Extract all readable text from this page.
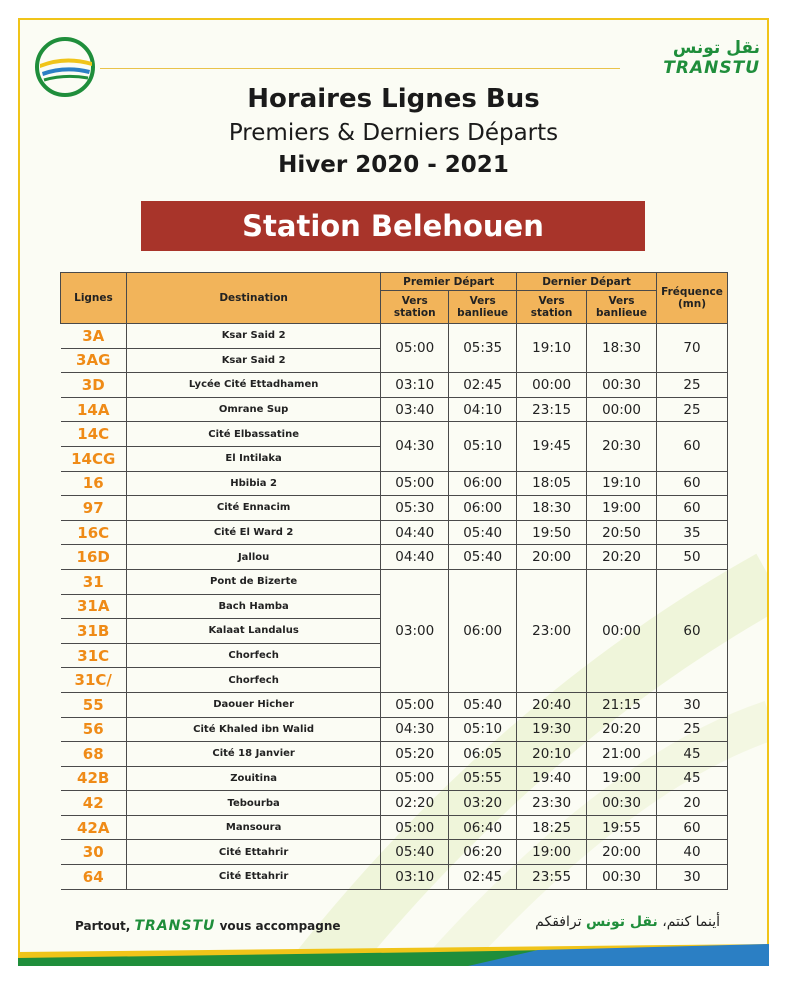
نقل تونس
TRANSTU
Horaires Lignes Bus
Premiers & Derniers Départs
Hiver 2020 - 2021
Station Belehouen
Lignes	Destination	Premier Départ		Dernier Départ		Fréquence (mn)
		Vers station	Vers banlieue	Vers station	Vers banlieue	
3A	Ksar Said 2	05:00	05:35	19:10	18:30	70
3AG	Ksar Said 2					
3D	Lycée Cité Ettadhamen	03:10	02:45	00:00	00:30	25
14A	Omrane Sup	03:40	04:10	23:15	00:00	25
14C	Cité Elbassatine	04:30	05:10	19:45	20:30	60
14CG	El Intilaka					
16	Hbibia 2	05:00	06:00	18:05	19:10	60
97	Cité Ennacim	05:30	06:00	18:30	19:00	60
16C	Cité El Ward 2	04:40	05:40	19:50	20:50	35
16D	Jallou	04:40	05:40	20:00	20:20	50
31	Pont de Bizerte	03:00	06:00	23:00	00:00	60
31A	Bach Hamba					
31B	Kalaat Landalus					
31C	Chorfech					
31C/	Chorfech					
55	Daouer Hicher	05:00	05:40	20:40	21:15	30
56	Cité Khaled ibn Walid	04:30	05:10	19:30	20:20	25
68	Cité 18 Janvier	05:20	06:05	20:10	21:00	45
42B	Zouitina	05:00	05:55	19:40	19:00	45
42	Tebourba	02:20	03:20	23:30	00:30	20
42A	Mansoura	05:00	06:40	18:25	19:55	60
30	Cité Ettahrir	05:40	06:20	19:00	20:00	40
64	Cité Ettahrir	03:10	02:45	23:55	00:30	30
Partout, TRANSTU vous accompagne	أينما كنتم، نقل تونس ترافقكم
